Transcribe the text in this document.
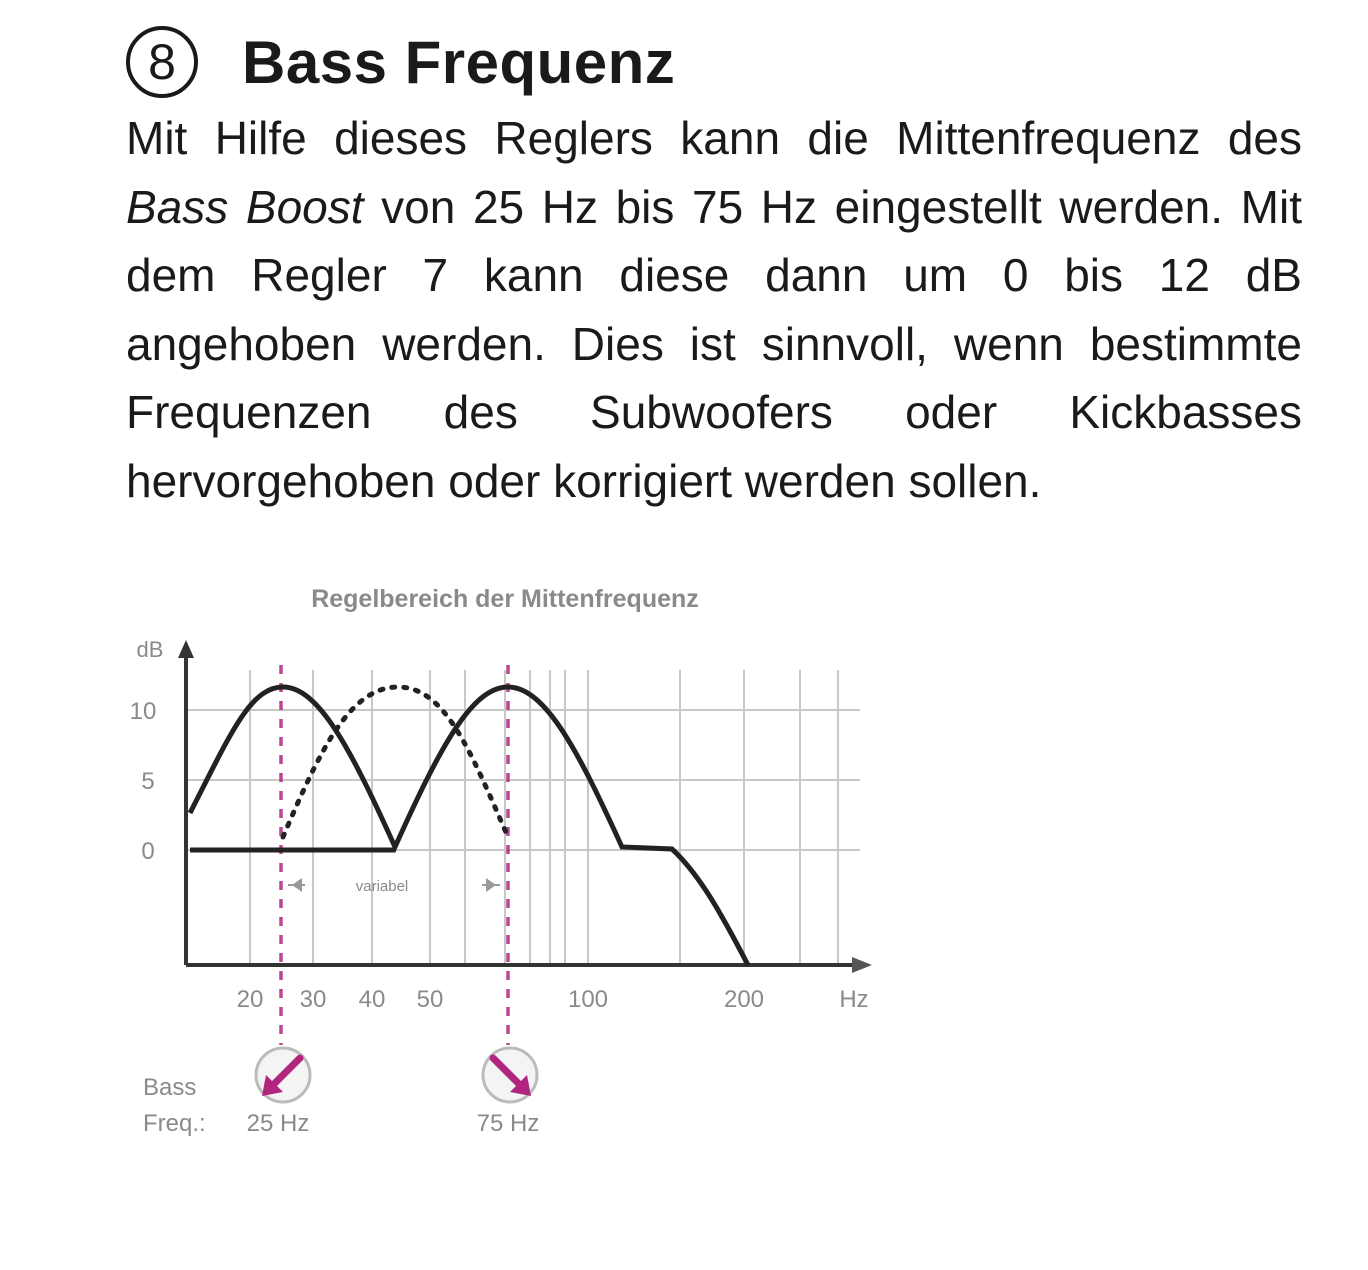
8 Bass Frequenz

Mit Hilfe dieses Reglers kann die Mittenfrequenz des Bass Boost von 25 Hz bis 75 Hz eingestellt werden. Mit dem Regler 7 kann diese dann um 0 bis 12 dB angehoben werden. Dies ist sinnvoll, wenn bestimmte Frequenzen des Subwoofers oder Kickbasses hervorgehoben oder korrigiert werden sollen.

Regelbereich der Mittenfrequenz
dB
10
5
0
20 30 40 50	100	200	Hz
variabel
Bass
Freq.: 25 Hz	75 Hz
